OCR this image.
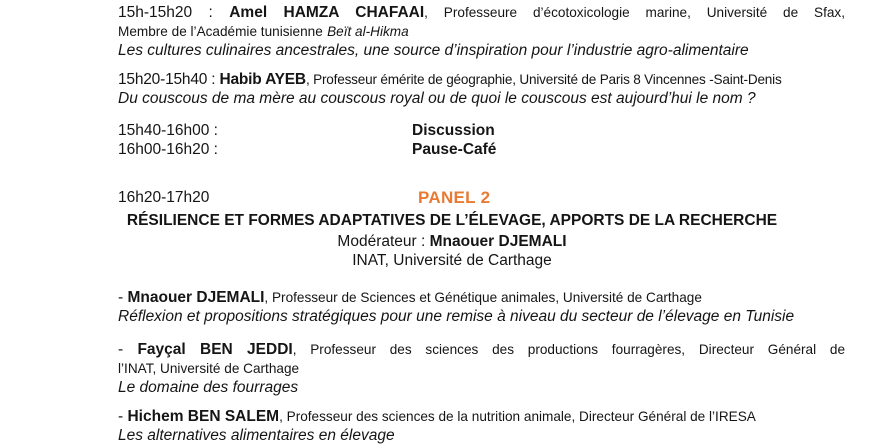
15h-15h20 : Amel HAMZA CHAFAAI, Professeure d’écotoxicologie marine, Université de Sfax,
Membre de l’Académie tunisienne Beït al-Hikma

Les cultures culinaires ancestrales, une source d’inspiration pour l’industrie agro-alimentaire

15h20-15h40 : Habib AYEB, Professeur émérite de géographie, Université de Paris 8 Vincennes -Saint-Denis

Du couscous de ma mère au couscous royal ou de quoi le couscous est aujourd’hui le nom ?

15h40-16h00 :	Discussion

16h00-16h20 :	Pause-Café

16h20-17h20	PANEL 2

RÉSILIENCE ET FORMES ADAPTATIVES DE L’ÉLEVAGE, APPORTS DE LA RECHERCHE

Modérateur : Mnaouer DJEMALI

INAT, Université de Carthage

- Mnaouer DJEMALI, Professeur de Sciences et Génétique animales, Université de Carthage

Réflexion et propositions stratégiques pour une remise à niveau du secteur de l’élevage en Tunisie

- Fayçal BEN JEDDI, Professeur des sciences des productions fourragères, Directeur Général de
l’INAT, Université de Carthage

Le domaine des fourrages

- Hichem BEN SALEM, Professeur des sciences de la nutrition animale, Directeur Général de l’IRESA

Les alternatives alimentaires en élevage
